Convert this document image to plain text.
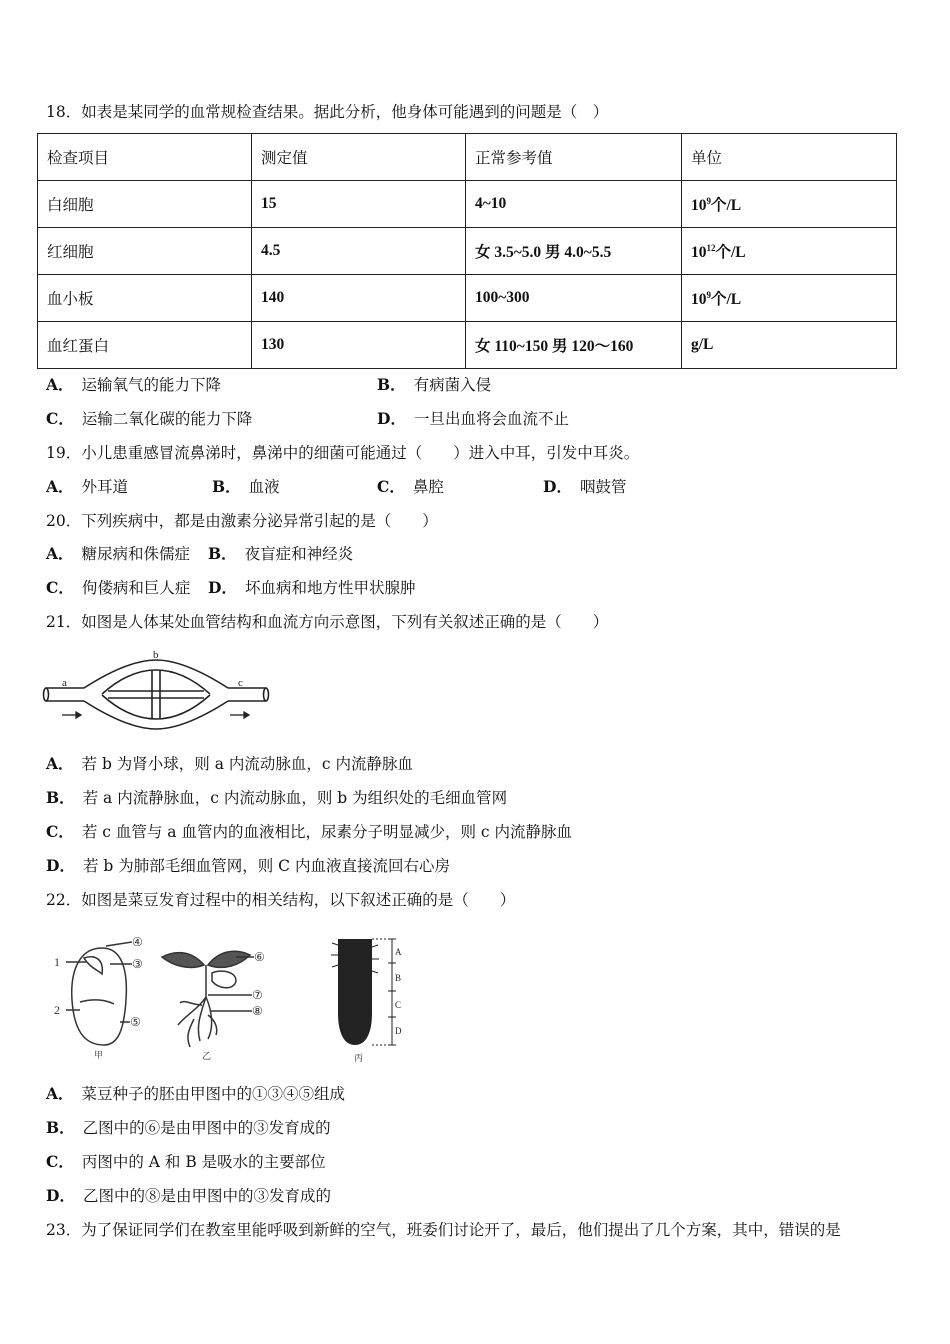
18．如表是某同学的血常规检查结果。据此分析，他身体可能遇到的问题是（　）
检查项目	测定值	正常参考值	单位
白细胞	15	4~10	$10^9$个/L
红细胞	4.5	女 3.5~5.0 男 4.0~5.5	$10^{12}$个/L
血小板	140	100~300	$10^9$个/L
血红蛋白	130	女 110~150 男 120～160	g/L
A． 运输氧气的能力下降	B． 有病菌入侵
C． 运输二氧化碳的能力下降	D． 一旦出血将会血流不止
19．小儿患重感冒流鼻涕时，鼻涕中的细菌可能通过（　　）进入中耳，引发中耳炎。
A． 外耳道	B． 血液	C． 鼻腔	D． 咽鼓管
20．下列疾病中，都是由激素分泌异常引起的是（　　）
A． 糖尿病和侏儒症 B． 夜盲症和神经炎
C． 佝偻病和巨人症 D． 坏血病和地方性甲状腺肿
21．如图是人体某处血管结构和血流方向示意图，下列有关叙述正确的是（　　）
a
b
c
A． 若 b 为肾小球，则 a 内流动脉血，c 内流静脉血
B． 若 a 内流静脉血，c 内流动脉血，则 b 为组织处的毛细血管网
C． 若 c 血管与 a 血管内的血液相比，尿素分子明显减少，则 c 内流静脉血
D． 若 b 为肺部毛细血管网，则 C 内血液直接流回右心房
22．如图是菜豆发育过程中的相关结构，以下叙述正确的是（　　）
1
2
④
③
⑤
甲
⑥
⑦
⑧
乙
A
B
C
D
丙
A． 菜豆种子的胚由甲图中的①③④⑤组成
B． 乙图中的⑥是由甲图中的③发育成的
C． 丙图中的 A 和 B 是吸水的主要部位
D． 乙图中的⑧是由甲图中的③发育成的
23．为了保证同学们在教室里能呼吸到新鲜的空气，班委们讨论开了，最后，他们提出了几个方案，其中，错误的是
